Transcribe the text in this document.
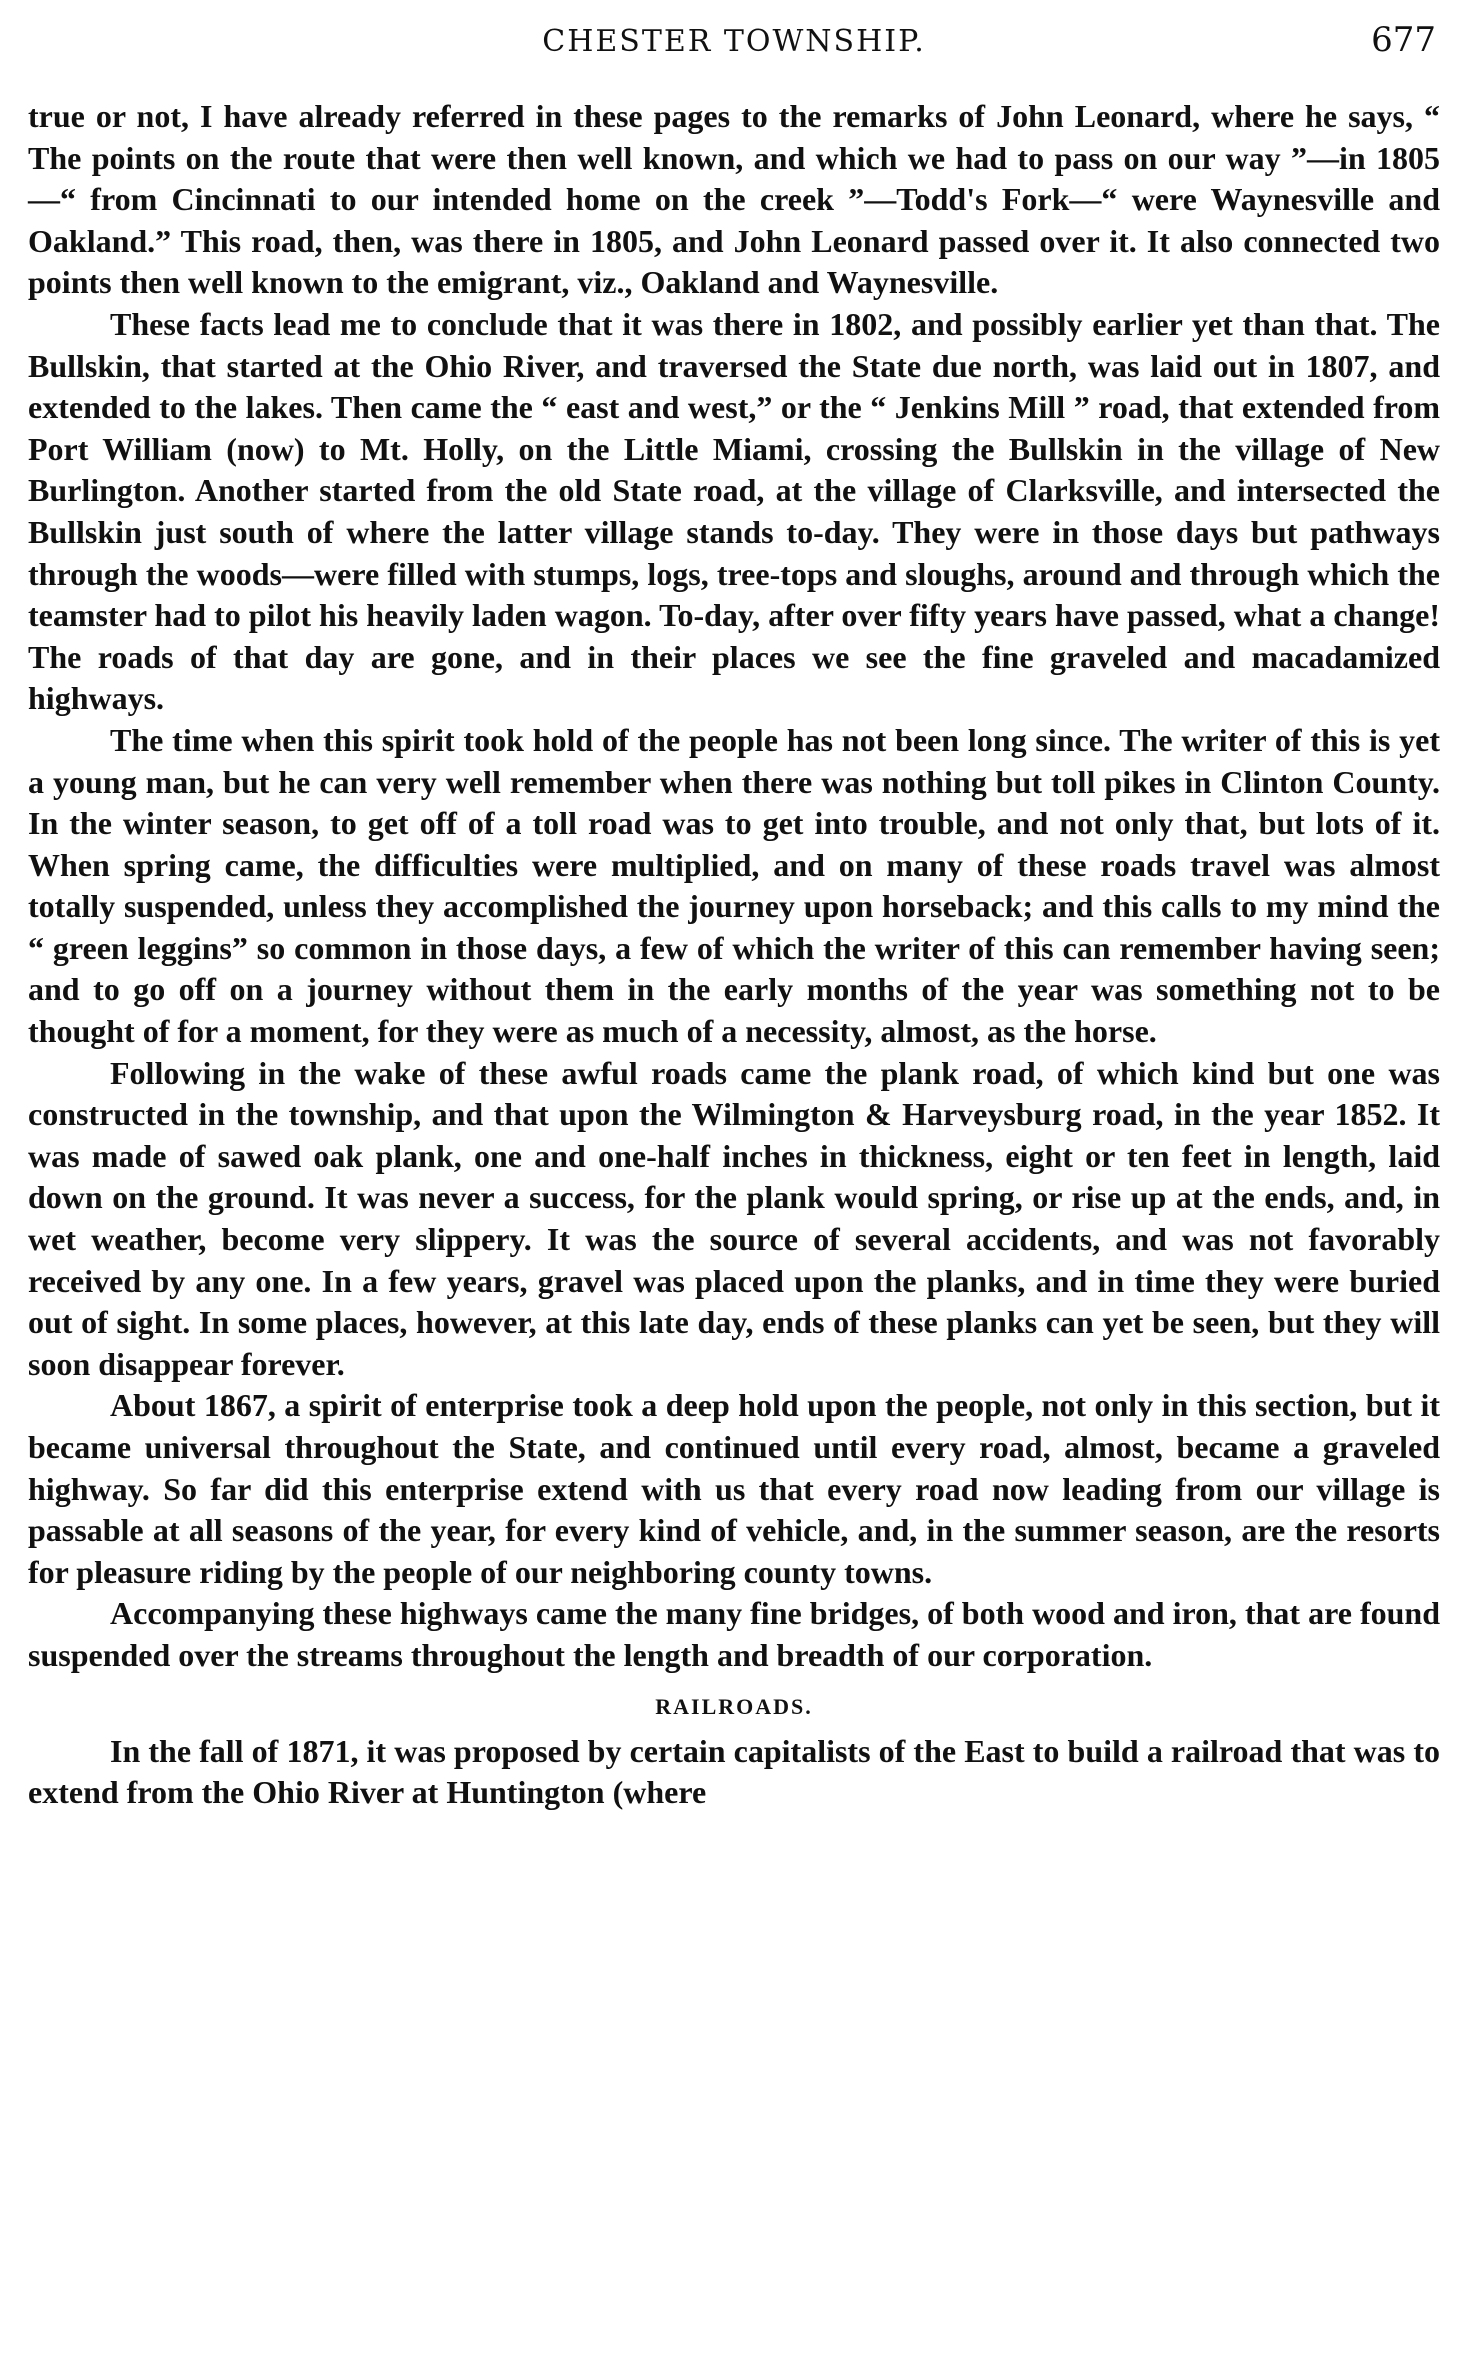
CHESTER TOWNSHIP.	677

true or not, I have already referred in these pages to the remarks of John Leonard, where he says, “ The points on the route that were then well known, and which we had to pass on our way ”—in 1805—“ from Cincinnati to our intended home on the creek ”—Todd's Fork—“ were Waynesville and Oakland.” This road, then, was there in 1805, and John Leonard passed over it. It also connected two points then well known to the emigrant, viz., Oakland and Waynesville.

These facts lead me to conclude that it was there in 1802, and possibly earlier yet than that. The Bullskin, that started at the Ohio River, and traversed the State due north, was laid out in 1807, and extended to the lakes. Then came the “ east and west,” or the “ Jenkins Mill ” road, that extended from Port William (now) to Mt. Holly, on the Little Miami, crossing the Bullskin in the village of New Burlington. Another started from the old State road, at the village of Clarksville, and intersected the Bullskin just south of where the latter village stands to-day. They were in those days but pathways through the woods—were filled with stumps, logs, tree-tops and sloughs, around and through which the teamster had to pilot his heavily laden wagon. To-day, after over fifty years have passed, what a change! The roads of that day are gone, and in their places we see the fine graveled and macadamized highways.

The time when this spirit took hold of the people has not been long since. The writer of this is yet a young man, but he can very well remember when there was nothing but toll pikes in Clinton County. In the winter season, to get off of a toll road was to get into trouble, and not only that, but lots of it. When spring came, the difficulties were multiplied, and on many of these roads travel was almost totally suspended, unless they accomplished the journey upon horseback; and this calls to my mind the “ green leggins” so common in those days, a few of which the writer of this can remember having seen; and to go off on a journey without them in the early months of the year was something not to be thought of for a moment, for they were as much of a necessity, almost, as the horse.

Following in the wake of these awful roads came the plank road, of which kind but one was constructed in the township, and that upon the Wilmington & Harveysburg road, in the year 1852. It was made of sawed oak plank, one and one-half inches in thickness, eight or ten feet in length, laid down on the ground. It was never a success, for the plank would spring, or rise up at the ends, and, in wet weather, become very slippery. It was the source of several accidents, and was not favorably received by any one. In a few years, gravel was placed upon the planks, and in time they were buried out of sight. In some places, however, at this late day, ends of these planks can yet be seen, but they will soon disappear forever.

About 1867, a spirit of enterprise took a deep hold upon the people, not only in this section, but it became universal throughout the State, and continued until every road, almost, became a graveled highway. So far did this enterprise extend with us that every road now leading from our village is passable at all seasons of the year, for every kind of vehicle, and, in the summer season, are the resorts for pleasure riding by the people of our neighboring county towns.

Accompanying these highways came the many fine bridges, of both wood and iron, that are found suspended over the streams throughout the length and breadth of our corporation.

RAILROADS.

In the fall of 1871, it was proposed by certain capitalists of the East to build a railroad that was to extend from the Ohio River at Huntington (where
